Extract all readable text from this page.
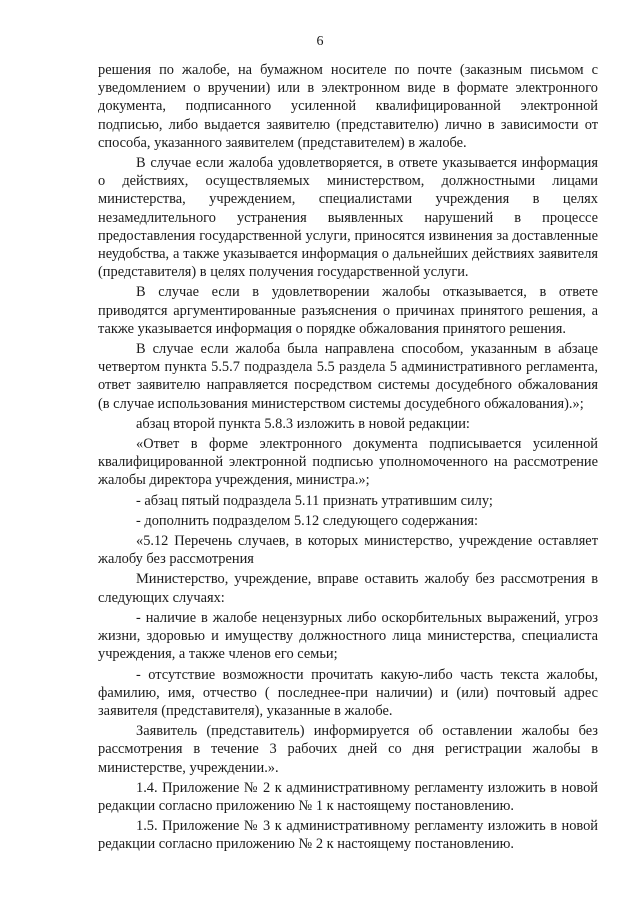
6

решения по жалобе, на бумажном носителе по почте (заказным письмом с уведомлением о вручении) или в электронном виде в формате электронного документа, подписанного усиленной квалифицированной электронной подписью, либо выдается заявителю (представителю) лично в зависимости от способа, указанного заявителем (представителем) в жалобе.

В случае если жалоба удовлетворяется, в ответе указывается информация о действиях, осуществляемых министерством, должностными лицами министерства, учреждением, специалистами учреждения в целях незамедлительного устранения выявленных нарушений в процессе предоставления государственной услуги, приносятся извинения за доставленные неудобства, а также указывается информация о дальнейших действиях заявителя (представителя) в целях получения государственной услуги.

В случае если в удовлетворении жалобы отказывается, в ответе приводятся аргументированные разъяснения о причинах принятого решения, а также указывается информация о порядке обжалования принятого решения.

В случае если жалоба была направлена способом, указанным в абзаце четвертом пункта 5.5.7 подраздела 5.5 раздела 5 административного регламента, ответ заявителю направляется посредством системы досудебного обжалования (в случае использования министерством системы досудебного обжалования).»;

абзац второй пункта 5.8.3 изложить в новой редакции:

«Ответ в форме электронного документа подписывается усиленной квалифицированной электронной подписью уполномоченного на рассмотрение жалобы директора учреждения, министра.»;

- абзац пятый подраздела 5.11 признать утратившим силу;

- дополнить подразделом 5.12 следующего содержания:

«5.12 Перечень случаев, в которых министерство, учреждение оставляет жалобу без рассмотрения

Министерство, учреждение, вправе оставить жалобу без рассмотрения в следующих случаях:

- наличие в жалобе нецензурных либо оскорбительных выражений, угроз жизни, здоровью и имуществу должностного лица министерства, специалиста учреждения, а также членов его семьи;

- отсутствие возможности прочитать какую-либо часть текста жалобы, фамилию, имя, отчество ( последнее-при наличии) и (или) почтовый адрес заявителя (представителя), указанные в жалобе.

Заявитель (представитель) информируется об оставлении жалобы без рассмотрения в течение 3 рабочих дней со дня регистрации жалобы в министерстве, учреждении.».

1.4. Приложение № 2 к административному регламенту изложить в новой редакции согласно приложению № 1 к настоящему постановлению.

1.5. Приложение № 3 к административному регламенту изложить в новой редакции согласно приложению № 2 к настоящему постановлению.
